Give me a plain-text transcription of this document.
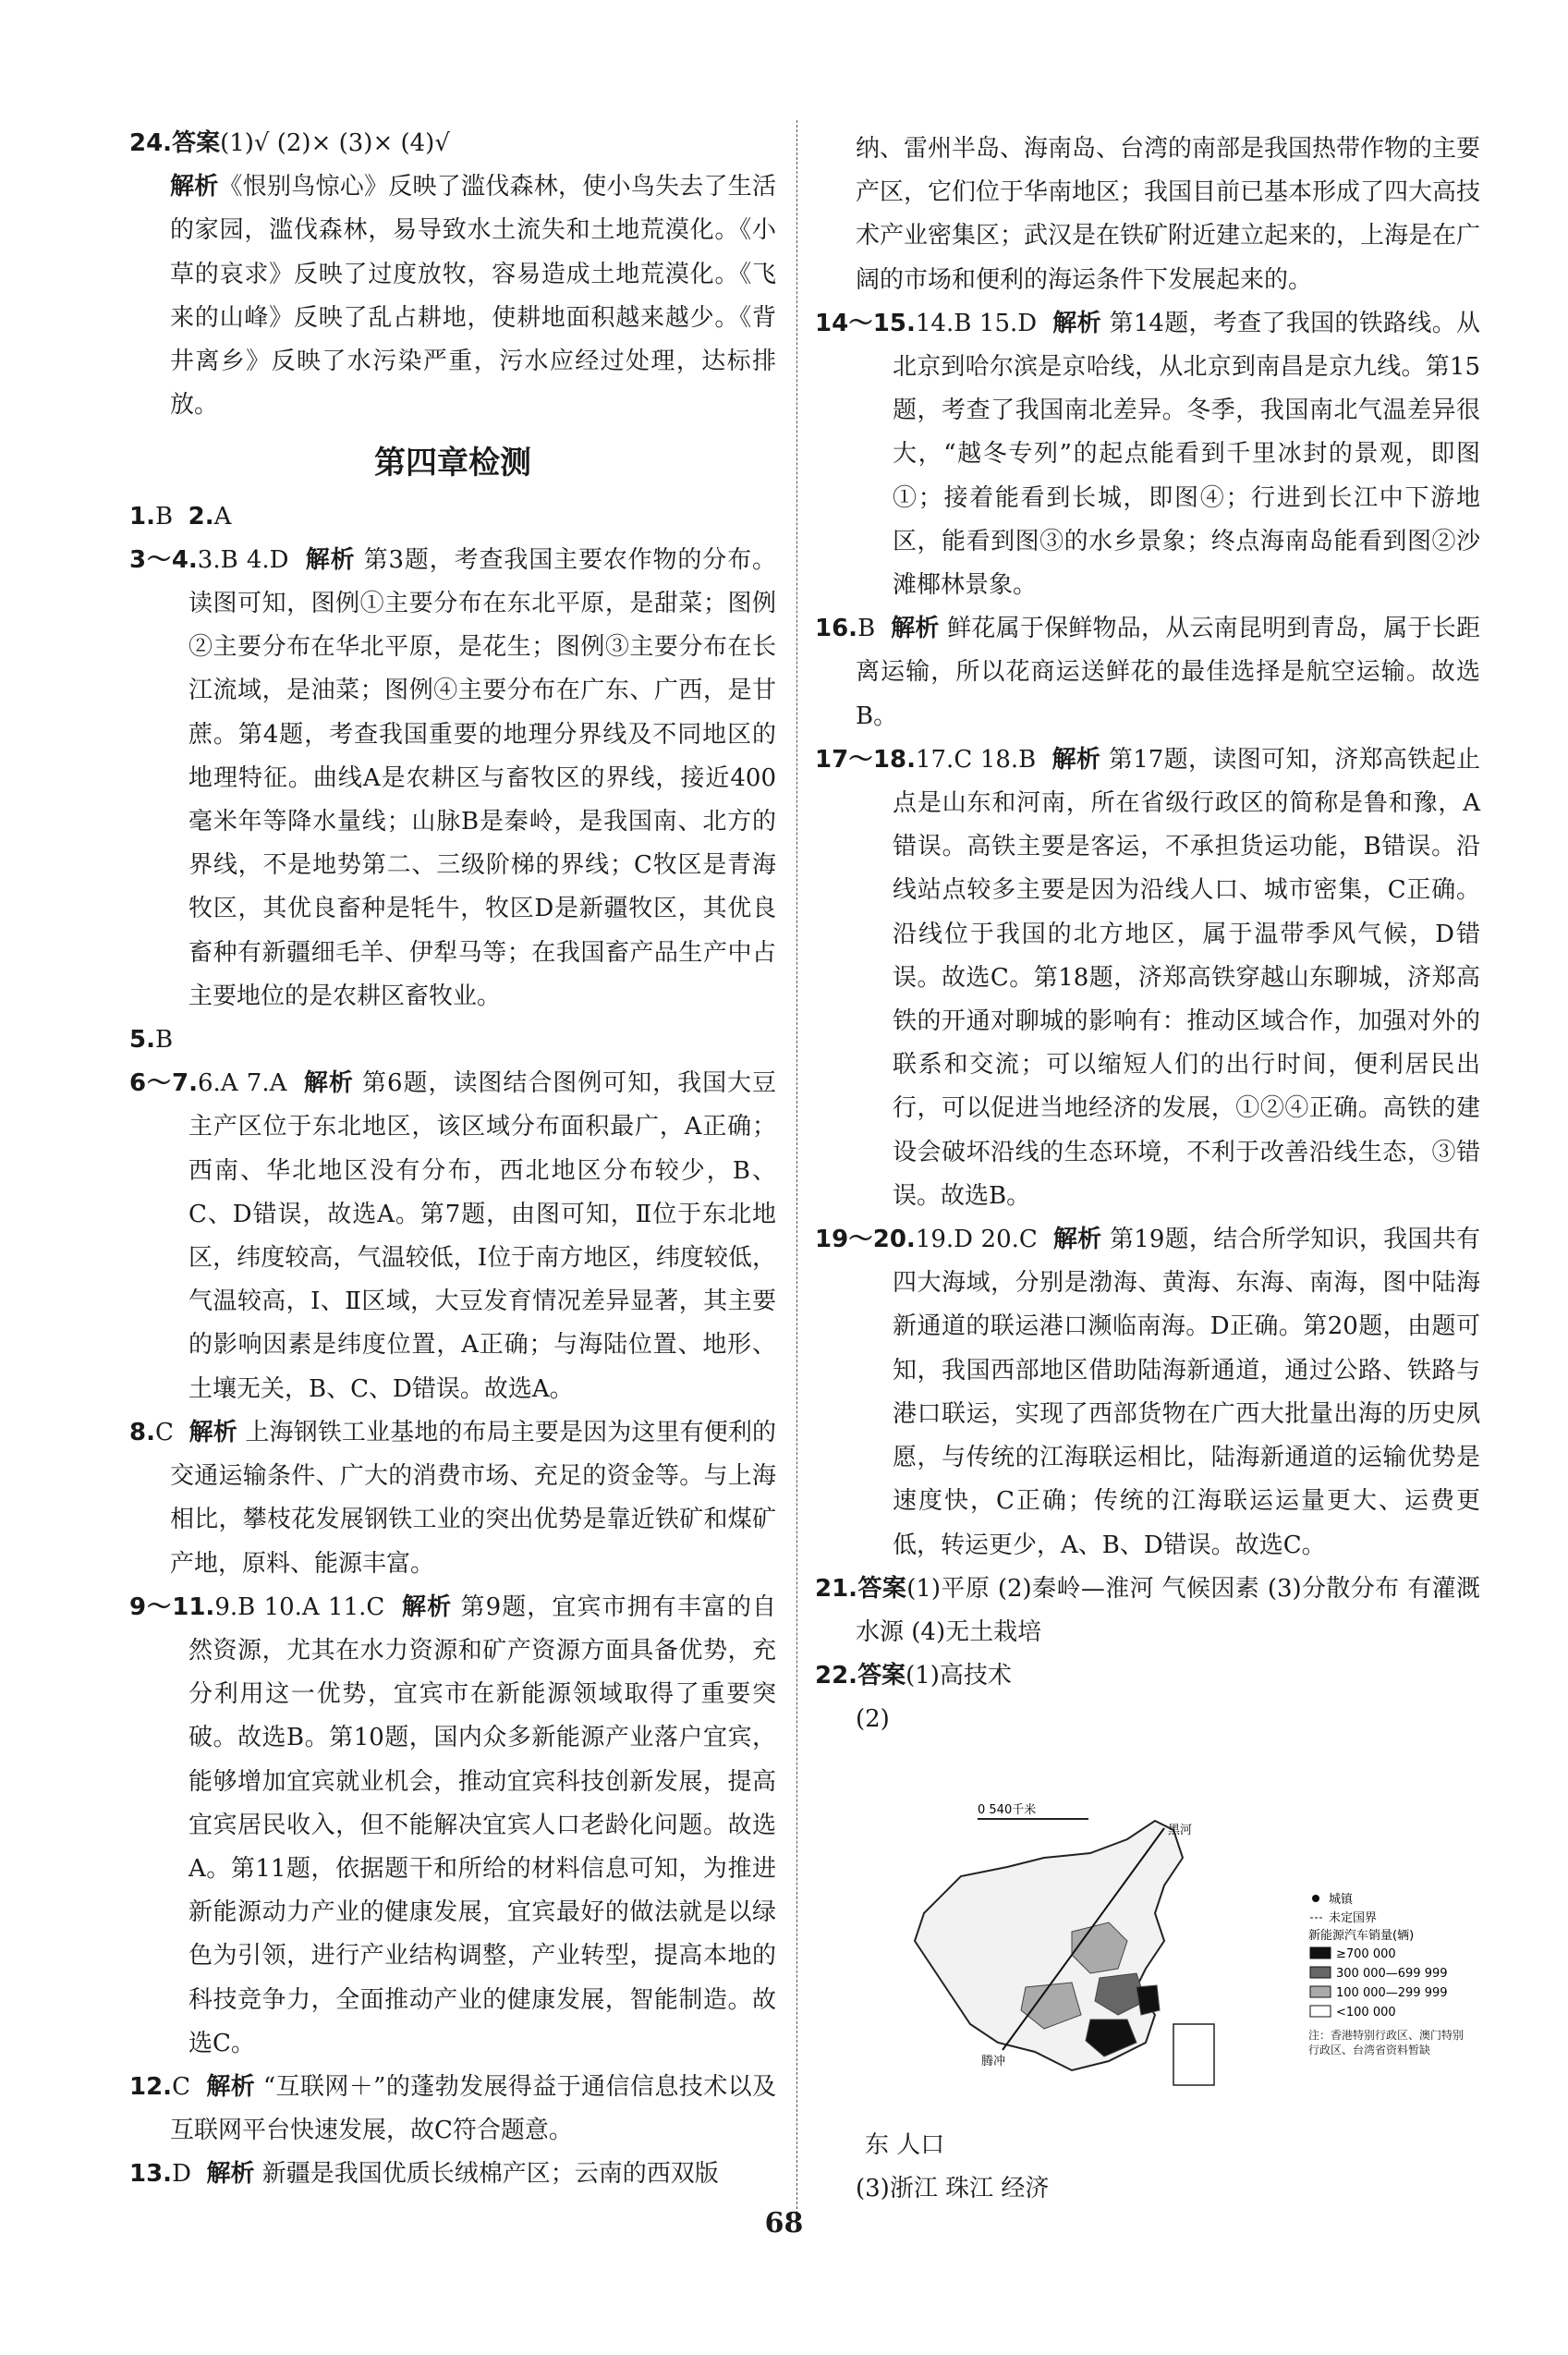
24.答案(1)√ (2)× (3)× (4)√

解析《恨别鸟惊心》反映了滥伐森林，使小鸟失去了生活的家园，滥伐森林，易导致水土流失和土地荒漠化。《小草的哀求》反映了过度放牧，容易造成土地荒漠化。《飞来的山峰》反映了乱占耕地，使耕地面积越来越少。《背井离乡》反映了水污染严重，污水应经过处理，达标排放。

第四章检测

1.B 2.A

3～4.3.B 4.D 解析 第3题，考查我国主要农作物的分布。读图可知，图例①主要分布在东北平原，是甜菜；图例②主要分布在华北平原，是花生；图例③主要分布在长江流域，是油菜；图例④主要分布在广东、广西，是甘蔗。第4题，考查我国重要的地理分界线及不同地区的地理特征。曲线A是农耕区与畜牧区的界线，接近400毫米年等降水量线；山脉B是秦岭，是我国南、北方的界线，不是地势第二、三级阶梯的界线；C牧区是青海牧区，其优良畜种是牦牛，牧区D是新疆牧区，其优良畜种有新疆细毛羊、伊犁马等；在我国畜产品生产中占主要地位的是农耕区畜牧业。

5.B

6～7.6.A 7.A 解析 第6题，读图结合图例可知，我国大豆主产区位于东北地区，该区域分布面积最广，A正确；西南、华北地区没有分布，西北地区分布较少，B、C、D错误，故选A。第7题，由图可知，Ⅱ位于东北地区，纬度较高，气温较低，Ⅰ位于南方地区，纬度较低，气温较高，Ⅰ、Ⅱ区域，大豆发育情况差异显著，其主要的影响因素是纬度位置，A正确；与海陆位置、地形、土壤无关，B、C、D错误。故选A。

8.C 解析 上海钢铁工业基地的布局主要是因为这里有便利的交通运输条件、广大的消费市场、充足的资金等。与上海相比，攀枝花发展钢铁工业的突出优势是靠近铁矿和煤矿产地，原料、能源丰富。

9～11.9.B 10.A 11.C 解析 第9题，宜宾市拥有丰富的自然资源，尤其在水力资源和矿产资源方面具备优势，充分利用这一优势，宜宾市在新能源领域取得了重要突破。故选B。第10题，国内众多新能源产业落户宜宾，能够增加宜宾就业机会，推动宜宾科技创新发展，提高宜宾居民收入，但不能解决宜宾人口老龄化问题。故选A。第11题，依据题干和所给的材料信息可知，为推进新能源动力产业的健康发展，宜宾最好的做法就是以绿色为引领，进行产业结构调整，产业转型，提高本地的科技竞争力，全面推动产业的健康发展，智能制造。故选C。

12.C 解析 “互联网＋”的蓬勃发展得益于通信信息技术以及互联网平台快速发展，故C符合题意。

13.D 解析 新疆是我国优质长绒棉产区；云南的西双版

纳、雷州半岛、海南岛、台湾的南部是我国热带作物的主要产区，它们位于华南地区；我国目前已基本形成了四大高技术产业密集区；武汉是在铁矿附近建立起来的，上海是在广阔的市场和便利的海运条件下发展起来的。

14～15.14.B 15.D 解析 第14题，考查了我国的铁路线。从北京到哈尔滨是京哈线，从北京到南昌是京九线。第15题，考查了我国南北差异。冬季，我国南北气温差异很大，“越冬专列”的起点能看到千里冰封的景观，即图①；接着能看到长城，即图④；行进到长江中下游地区，能看到图③的水乡景象；终点海南岛能看到图②沙滩椰林景象。

16.B 解析 鲜花属于保鲜物品，从云南昆明到青岛，属于长距离运输，所以花商运送鲜花的最佳选择是航空运输。故选B。

17～18.17.C 18.B 解析 第17题，读图可知，济郑高铁起止点是山东和河南，所在省级行政区的简称是鲁和豫，A错误。高铁主要是客运，不承担货运功能，B错误。沿线站点较多主要是因为沿线人口、城市密集，C正确。沿线位于我国的北方地区，属于温带季风气候，D错误。故选C。第18题，济郑高铁穿越山东聊城，济郑高铁的开通对聊城的影响有：推动区域合作，加强对外的联系和交流；可以缩短人们的出行时间，便利居民出行，可以促进当地经济的发展，①②④正确。高铁的建设会破坏沿线的生态环境，不利于改善沿线生态，③错误。故选B。

19～20.19.D 20.C 解析 第19题，结合所学知识，我国共有四大海域，分别是渤海、黄海、东海、南海，图中陆海新通道的联运港口濒临南海。D正确。第20题，由题可知，我国西部地区借助陆海新通道，通过公路、铁路与港口联运，实现了西部货物在广西大批量出海的历史夙愿，与传统的江海联运相比，陆海新通道的运输优势是速度快，C正确；传统的江海联运运量更大、运费更低，转运更少，A、B、D错误。故选C。

21.答案(1)平原 (2)秦岭—淮河 气候因素 (3)分散分布 有灌溉水源 (4)无土栽培

22.答案(1)高技术

(2)

0 540千米
黑河
腾冲
城镇
未定国界
新能源汽车销量(辆)
≥700 000
300 000—699 999
100 000—299 999
<100 000
注：香港特别行政区、澳门特别行政区、台湾省资料暂缺

东 人口

(3)浙江 珠江 经济

68
